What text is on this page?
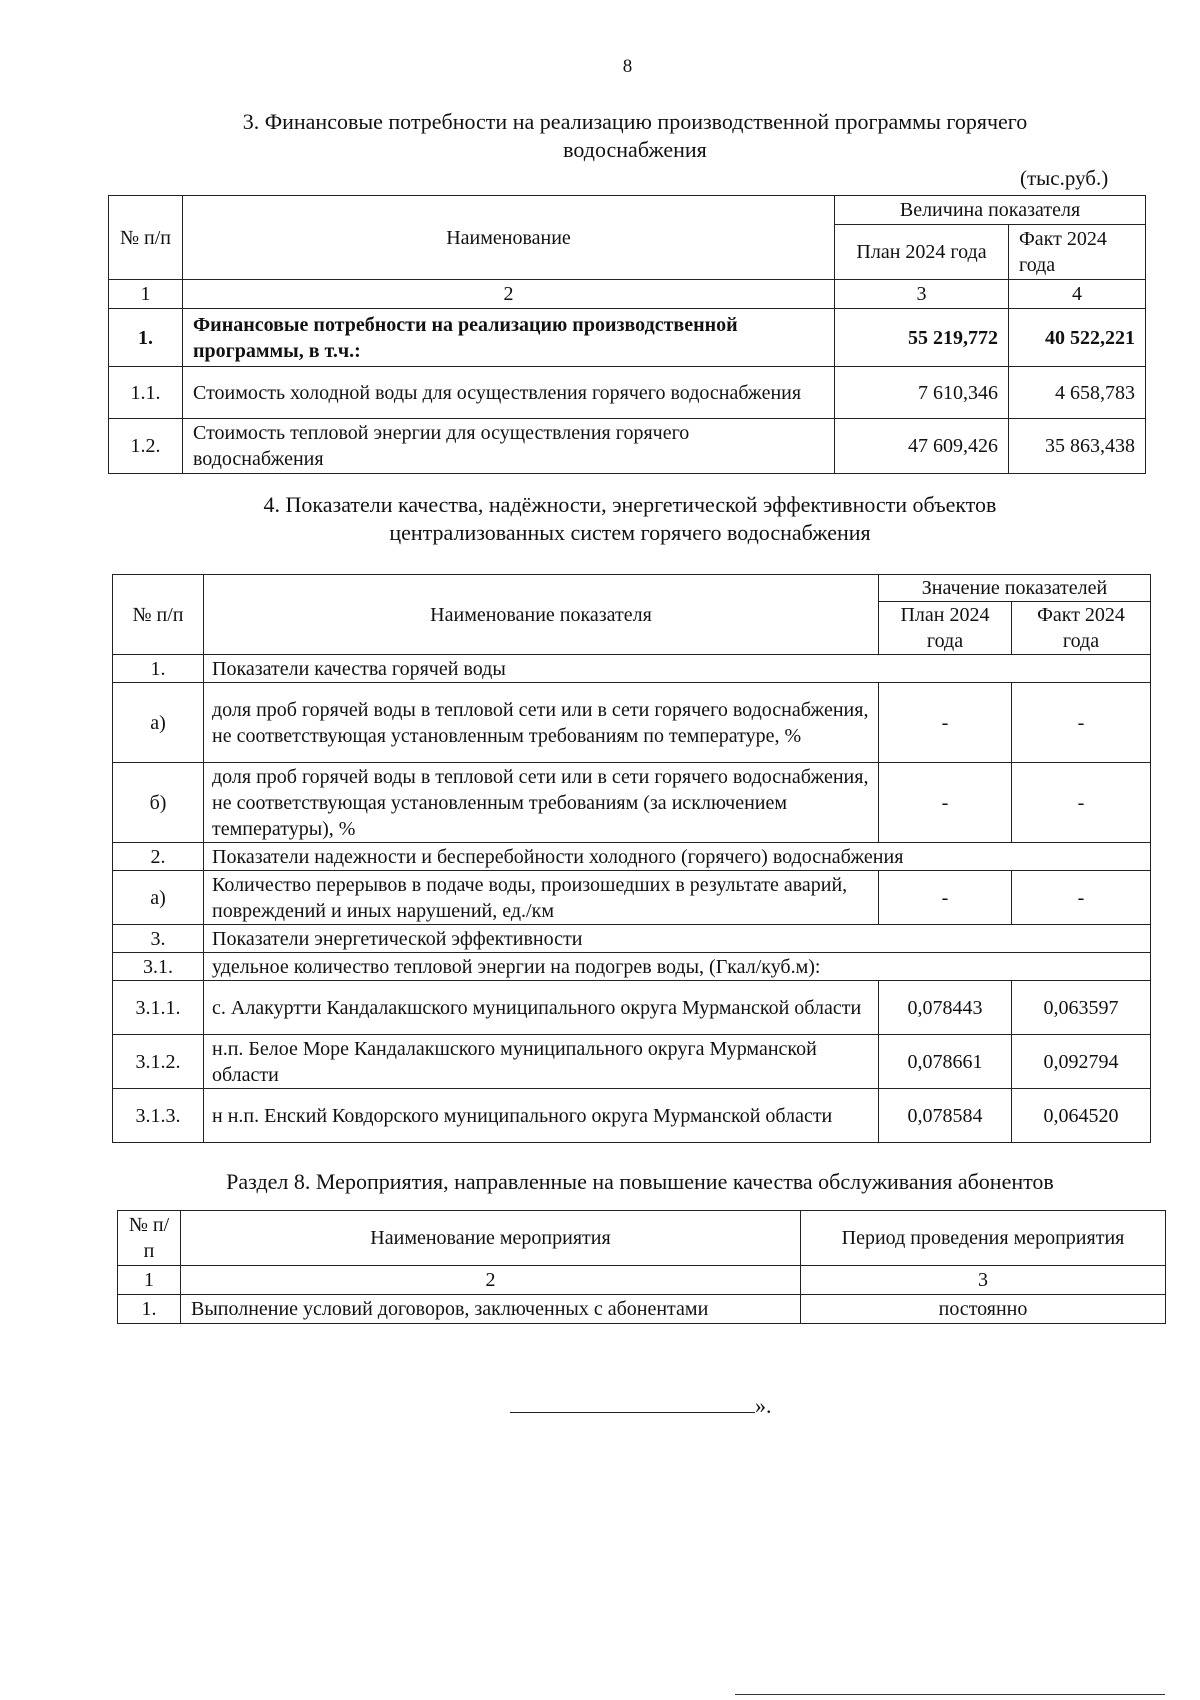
8
3. Финансовые потребности на реализацию производственной программы горячего
водоснабжения
(тыс.руб.)
№ п/п	Наименование	Величина показателя	
		План 2024 года	Факт 2024 года
1	2	3	4
1.	Финансовые потребности на реализацию производственной программы, в т.ч.:	55 219,772	40 522,221
1.1.	Стоимость холодной воды для осуществления горячего водоснабжения	7 610,346	4 658,783
1.2.	Стоимость тепловой энергии для осуществления горячего водоснабжения	47 609,426	35 863,438
4. Показатели качества, надёжности, энергетической эффективности объектов
централизованных систем горячего водоснабжения
№ п/п	Наименование показателя	Значение показателей	
		План 2024 года	Факт 2024 года
1.	Показатели качества горячей воды		
а)	доля проб горячей воды в тепловой сети или в сети горячего водоснабжения, не соответствующая установленным требованиям по температуре, %	-	-
б)	доля проб горячей воды в тепловой сети или в сети горячего водоснабжения, не соответствующая установленным требованиям (за исключением температуры), %	-	-
2.	Показатели надежности и бесперебойности холодного (горячего) водоснабжения		
а)	Количество перерывов в подаче воды, произошедших в результате аварий, повреждений и иных нарушений, ед./км	-	-
3.	Показатели энергетической эффективности		
3.1.	удельное количество тепловой энергии на подогрев воды, (Гкал/куб.м):		
3.1.1.	с. Алакуртти Кандалакшского муниципального округа Мурманской области	0,078443	0,063597
3.1.2.	н.п. Белое Море Кандалакшского муниципального округа Мурманской области	0,078661	0,092794
3.1.3.	н н.п. Енский Ковдорского муниципального округа Мурманской области	0,078584	0,064520
Раздел 8. Мероприятия, направленные на повышение качества обслуживания абонентов
№ п/п	Наименование мероприятия	Период проведения мероприятия
1	2	3
1.	Выполнение условий договоров, заключенных с абонентами	постоянно
».
